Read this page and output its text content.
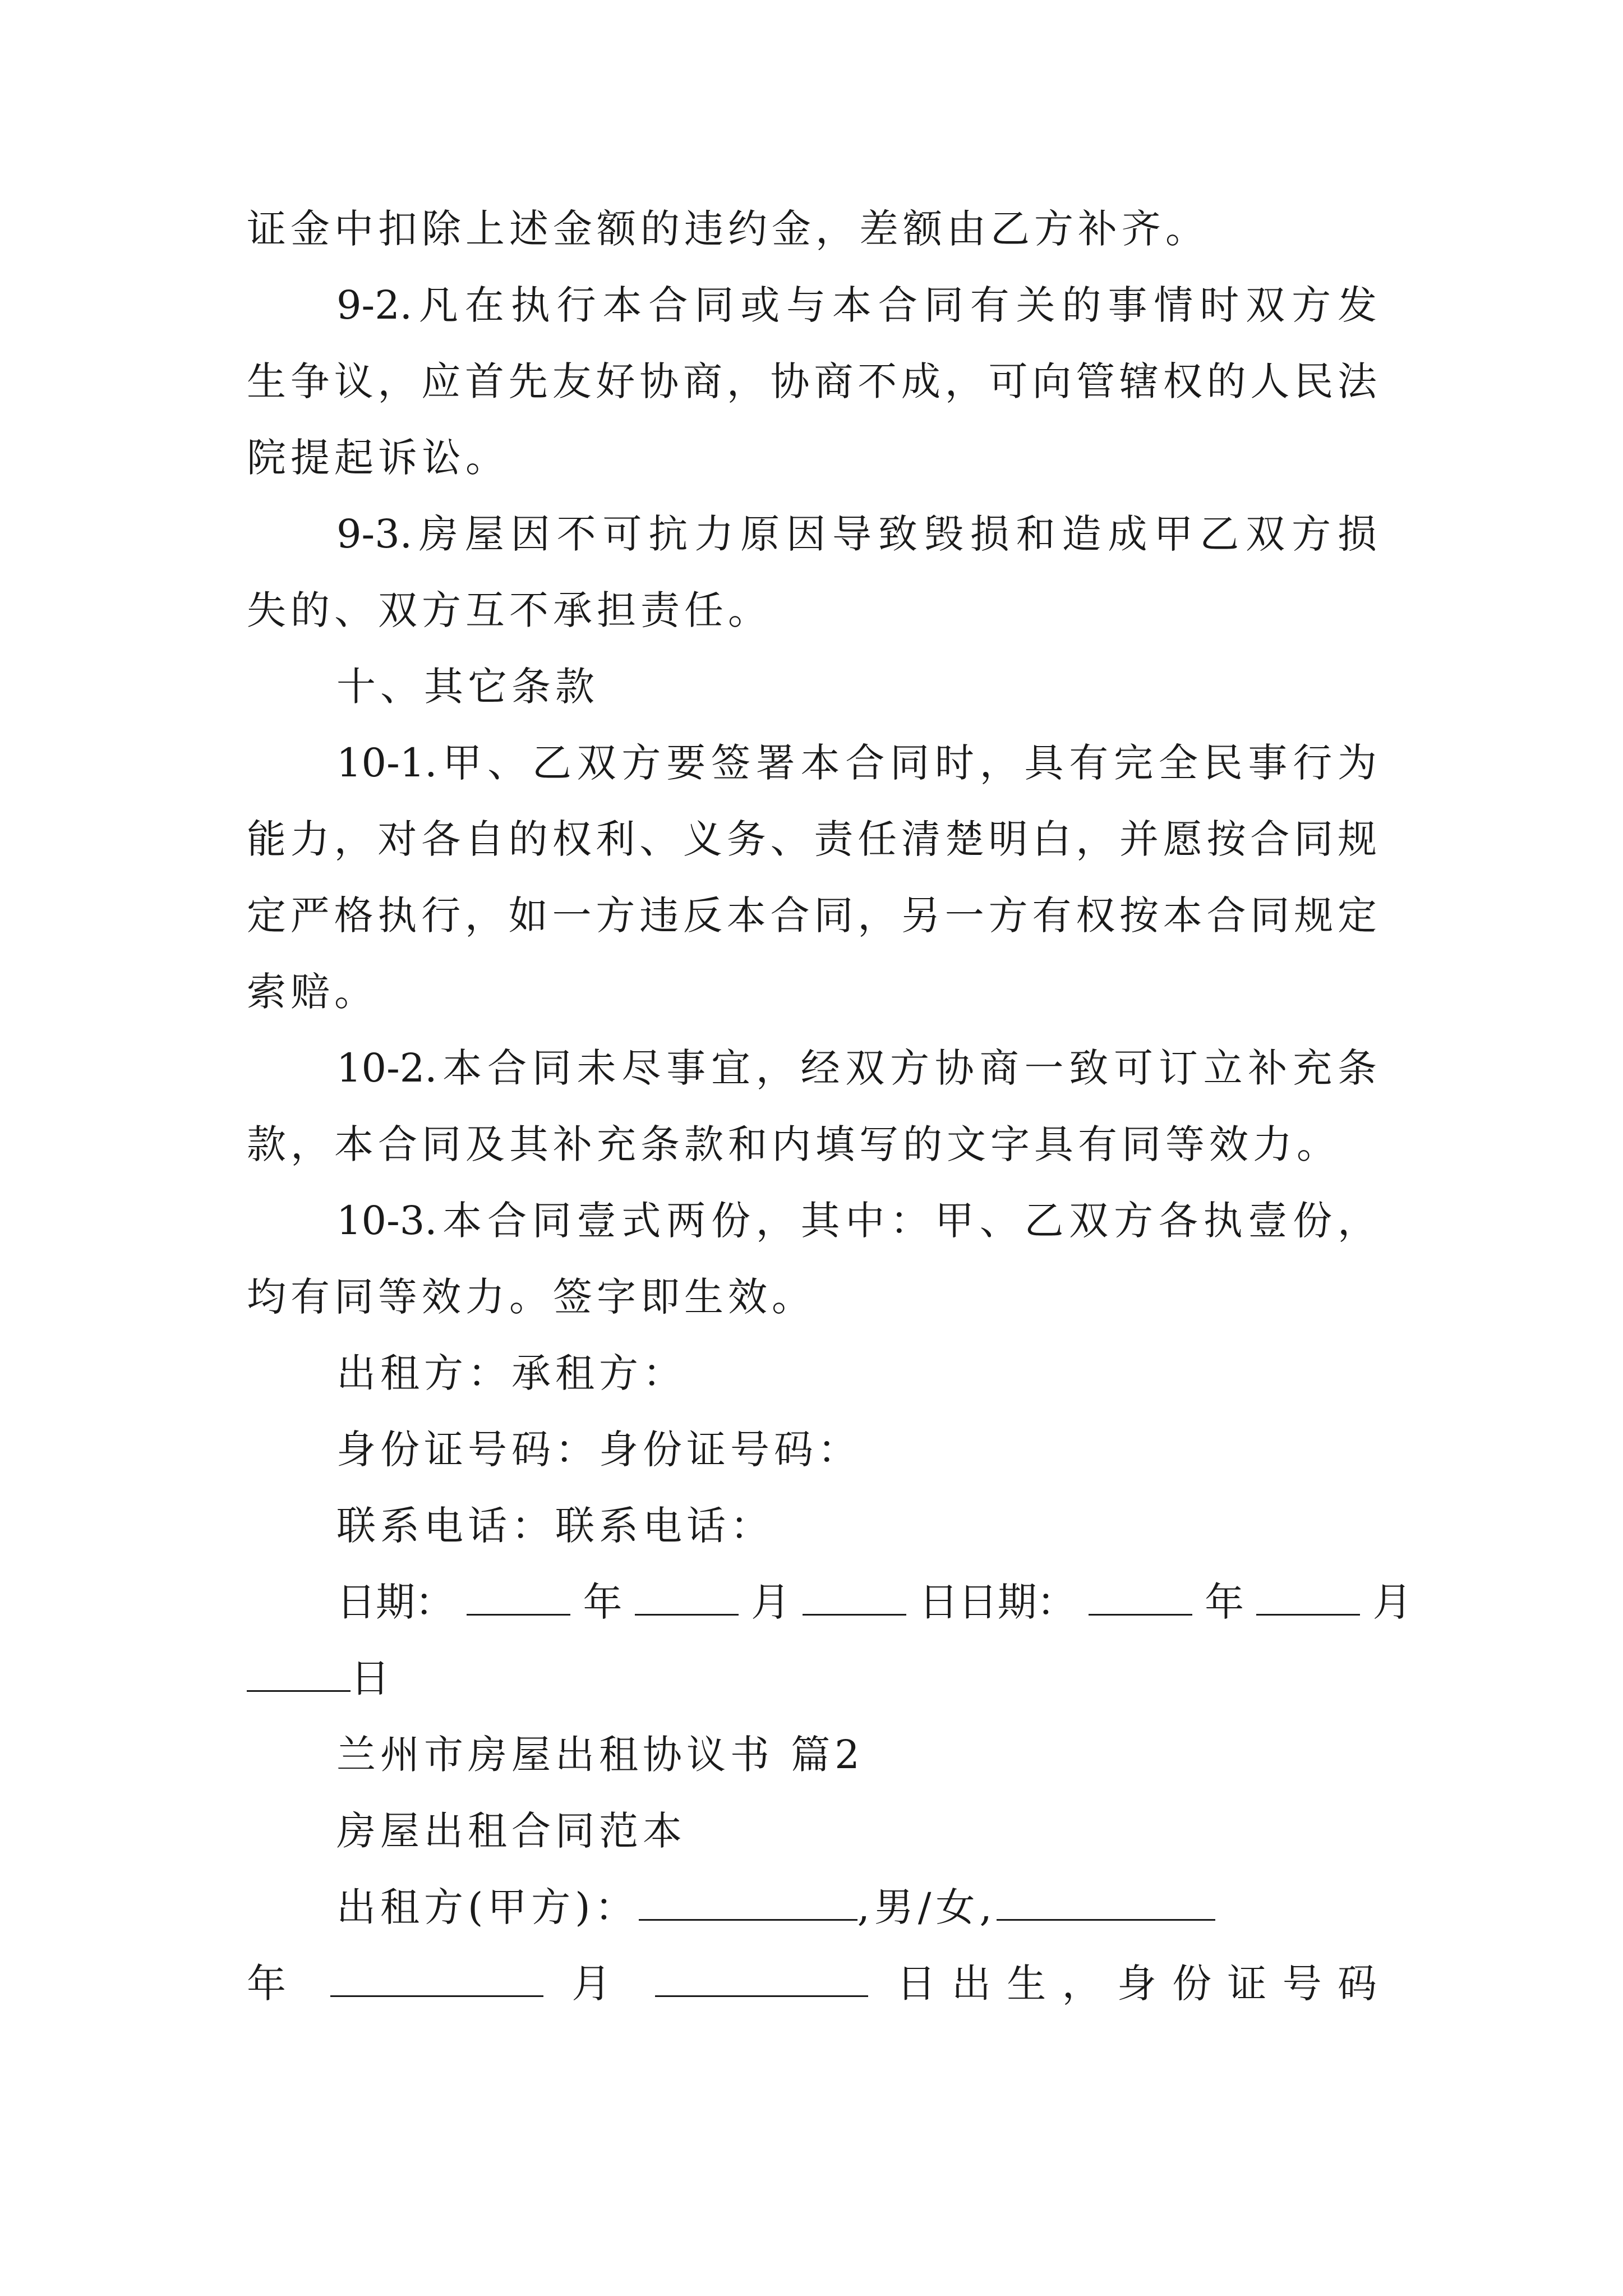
证金中扣除上述金额的违约金，差额由乙方补齐。
9-2.凡在执行本合同或与本合同有关的事情时双方发
生争议，应首先友好协商，协商不成，可向管辖权的人民法
院提起诉讼。
9-3.房屋因不可抗力原因导致毁损和造成甲乙双方损
失的、双方互不承担责任。
十、其它条款
10-1.甲、乙双方要签署本合同时，具有完全民事行为
能力，对各自的权利、义务、责任清楚明白，并愿按合同规
定严格执行，如一方违反本合同，另一方有权按本合同规定
索赔。
10-2.本合同未尽事宜，经双方协商一致可订立补充条
款，本合同及其补充条款和内填写的文字具有同等效力。
10-3.本合同壹式两份，其中：甲、乙双方各执壹份，
均有同等效力。签字即生效。
出租方：承租方：
身份证号码：身份证号码：
联系电话：联系电话：
日期：	年	月	日日期：	年	月
日
兰州市房屋出租协议书 篇2
房屋出租合同范本
出租方(甲方)：	,男/女,
年	月	日出生，身份证号码
